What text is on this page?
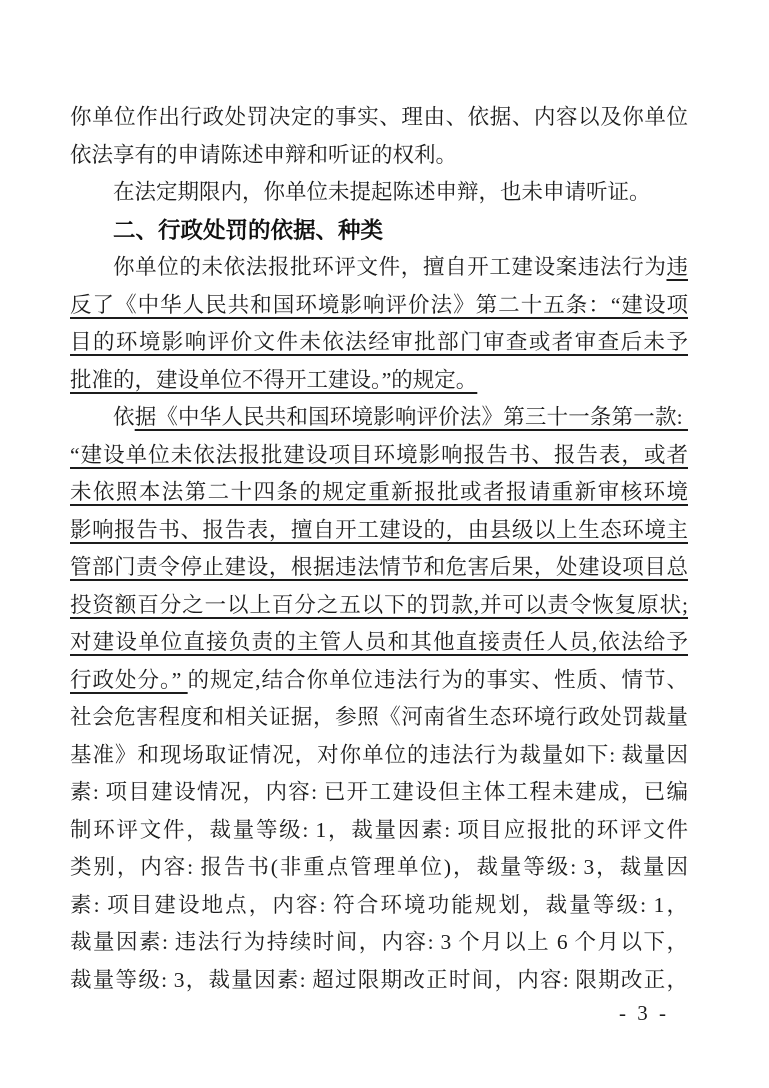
你单位作出行政处罚决定的事实、理由、依据、内容以及你单位
依法享有的申请陈述申辩和听证的权利。
在法定期限内，你单位未提起陈述申辩，也未申请听证。
二、行政处罚的依据、种类
你单位的未依法报批环评文件，擅自开工建设案违法行为违
反了《中华人民共和国环境影响评价法》第二十五条：“建设项
目的环境影响评价文件未依法经审批部门审查或者审查后未予
批准的，建设单位不得开工建设。”的规定。
依据《中华人民共和国环境影响评价法》第三十一条第一款:
“建设单位未依法报批建设项目环境影响报告书、报告表，或者
未依照本法第二十四条的规定重新报批或者报请重新审核环境
影响报告书、报告表，擅自开工建设的，由县级以上生态环境主
管部门责令停止建设，根据违法情节和危害后果，处建设项目总
投资额百分之一以上百分之五以下的罚款,并可以责令恢复原状;
对建设单位直接负责的主管人员和其他直接责任人员,依法给予
行政处分。” 的规定,结合你单位违法行为的事实、性质、情节、
社会危害程度和相关证据，参照《河南省生态环境行政处罚裁量
基准》和现场取证情况，对你单位的违法行为裁量如下: 裁量因
素: 项目建设情况，内容: 已开工建设但主体工程未建成，已编
制环评文件，裁量等级: 1，裁量因素: 项目应报批的环评文件
类别，内容: 报告书(非重点管理单位)，裁量等级: 3，裁量因
素: 项目建设地点，内容: 符合环境功能规划，裁量等级: 1，
裁量因素: 违法行为持续时间，内容: 3 个月以上 6 个月以下，
裁量等级: 3，裁量因素: 超过限期改正时间，内容: 限期改正，
- 3 -
